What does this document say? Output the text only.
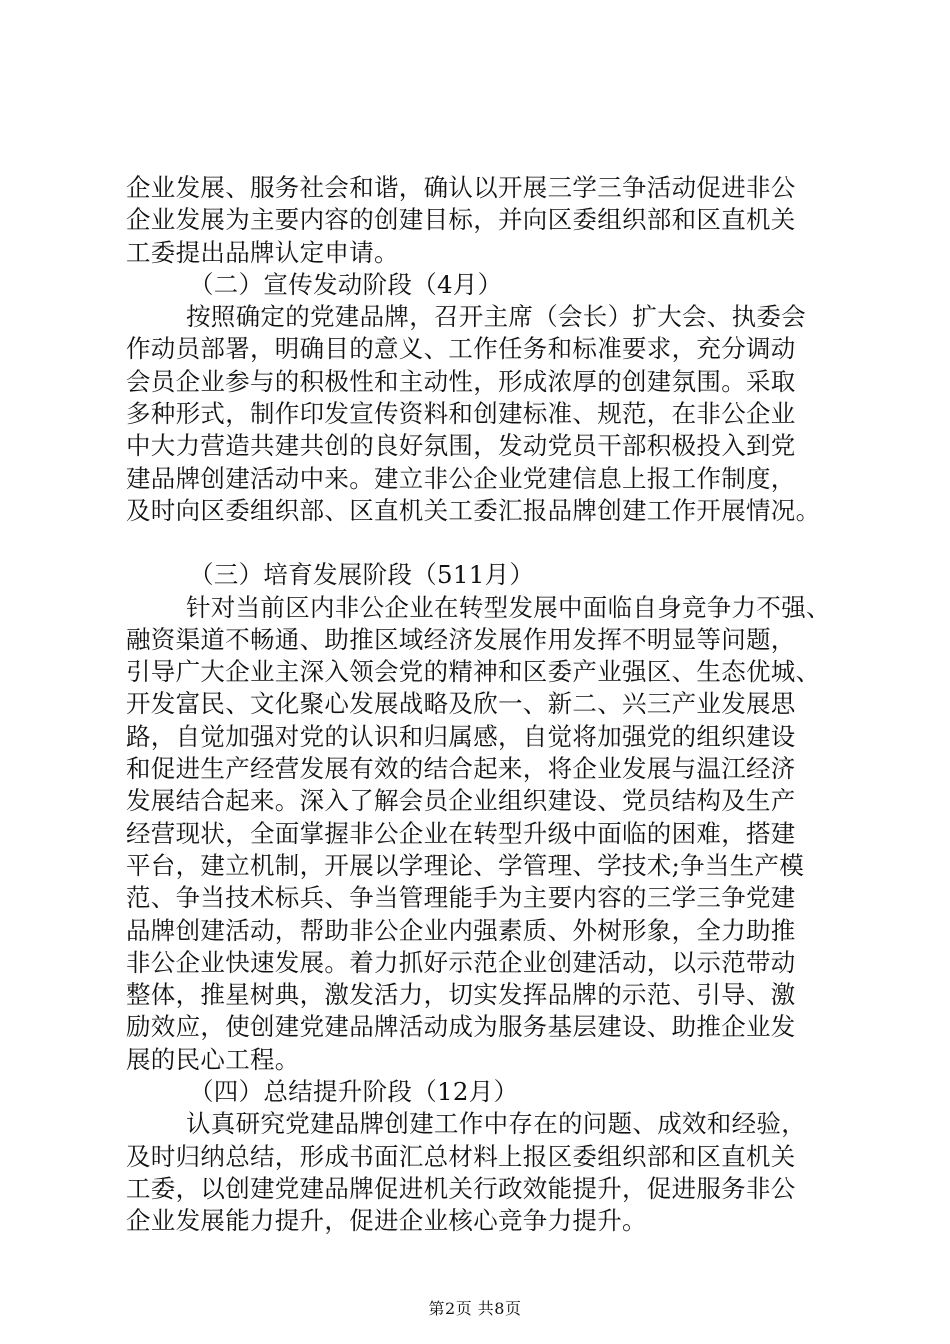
企业发展、服务社会和谐，确认以开展三学三争活动促进非公
企业发展为主要内容的创建目标，并向区委组织部和区直机关
工委提出品牌认定申请。
（二）宣传发动阶段（4月）
按照确定的党建品牌，召开主席（会长）扩大会、执委会
作动员部署，明确目的意义、工作任务和标准要求，充分调动
会员企业参与的积极性和主动性，形成浓厚的创建氛围。采取
多种形式，制作印发宣传资料和创建标准、规范，在非公企业
中大力营造共建共创的良好氛围，发动党员干部积极投入到党
建品牌创建活动中来。建立非公企业党建信息上报工作制度，
及时向区委组织部、区直机关工委汇报品牌创建工作开展情况。
（三）培育发展阶段（511月）
针对当前区内非公企业在转型发展中面临自身竞争力不强、
融资渠道不畅通、助推区域经济发展作用发挥不明显等问题，
引导广大企业主深入领会党的精神和区委产业强区、生态优城、
开发富民、文化聚心发展战略及欣一、新二、兴三产业发展思
路，自觉加强对党的认识和归属感，自觉将加强党的组织建设
和促进生产经营发展有效的结合起来，将企业发展与温江经济
发展结合起来。深入了解会员企业组织建设、党员结构及生产
经营现状，全面掌握非公企业在转型升级中面临的困难，搭建
平台，建立机制，开展以学理论、学管理、学技术;争当生产模
范、争当技术标兵、争当管理能手为主要内容的三学三争党建
品牌创建活动，帮助非公企业内强素质、外树形象，全力助推
非公企业快速发展。着力抓好示范企业创建活动，以示范带动
整体，推星树典，激发活力，切实发挥品牌的示范、引导、激
励效应，使创建党建品牌活动成为服务基层建设、助推企业发
展的民心工程。
（四）总结提升阶段（12月）
认真研究党建品牌创建工作中存在的问题、成效和经验，
及时归纳总结，形成书面汇总材料上报区委组织部和区直机关
工委，以创建党建品牌促进机关行政效能提升，促进服务非公
企业发展能力提升，促进企业核心竞争力提升。
第2页 共8页
